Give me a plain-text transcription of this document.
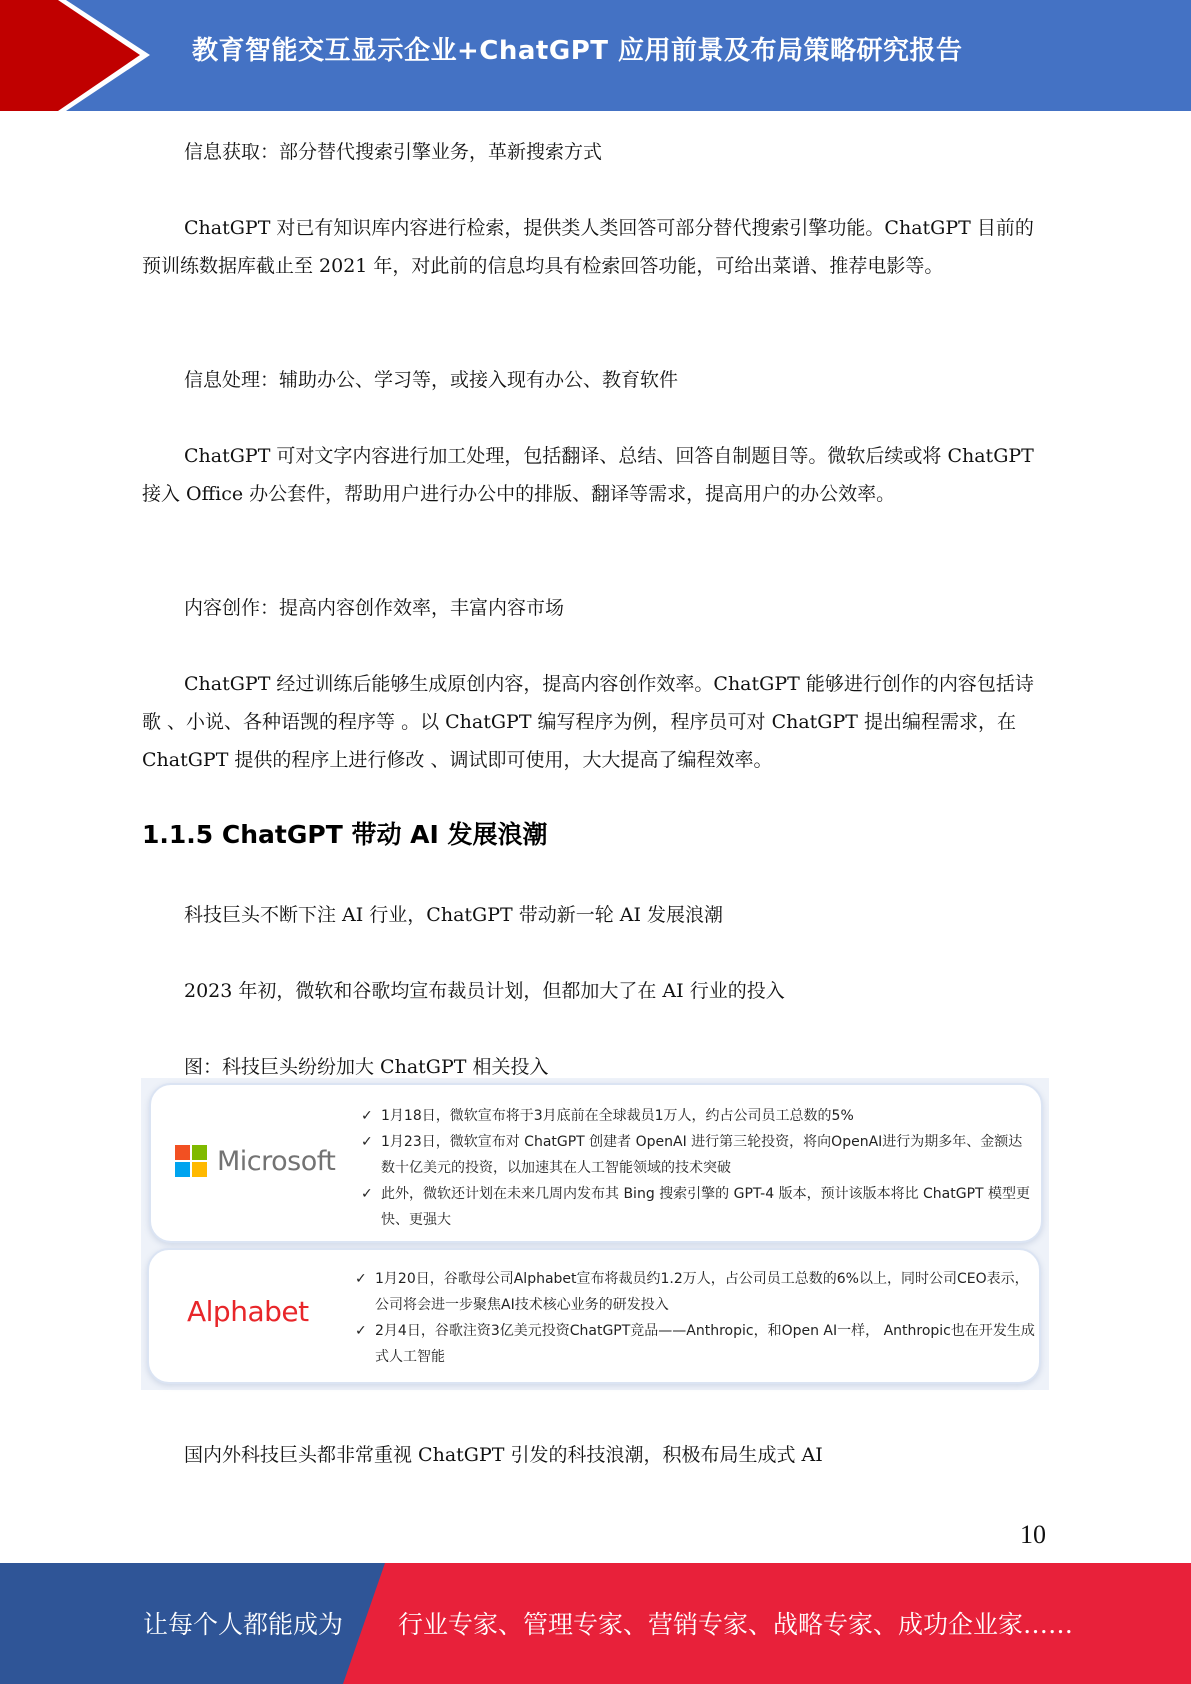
教育智能交互显示企业+ChatGPT 应用前景及布局策略研究报告
信息获取：部分替代搜索引擎业务，革新搜索方式
ChatGPT 对已有知识库内容进行检索，提供类人类回答可部分替代搜索引擎功能。ChatGPT 目前的预训练数据库截止至 2021 年，对此前的信息均具有检索回答功能，可给出菜谱、推荐电影等。
信息处理：辅助办公、学习等，或接入现有办公、教育软件
ChatGPT 可对文字内容进行加工处理，包括翻译、总结、回答自制题目等。微软后续或将 ChatGPT 接入 Office 办公套件，帮助用户进行办公中的排版、翻译等需求，提高用户的办公效率。
内容创作：提高内容创作效率，丰富内容市场
ChatGPT 经过训练后能够生成原创内容，提高内容创作效率。ChatGPT 能够进行创作的内容包括诗歌 、小说、各种语觊的程序等 。以 ChatGPT 编写程序为例，程序员可对 ChatGPT 提出编程需求，在 ChatGPT 提供的程序上进行修改 、调试即可使用，大大提高了编程效率。
1.1.5 ChatGPT 带动 AI 发展浪潮
科技巨头不断下注 AI 行业，ChatGPT 带动新一轮 AI 发展浪潮
2023 年初，微软和谷歌均宣布裁员计划，但都加大了在 AI 行业的投入
图：科技巨头纷纷加大 ChatGPT 相关投入
Microsoft
✓ 1月18日，微软宣布将于3月底前在全球裁员1万人，约占公司员工总数的5%
✓ 1月23日，微软宣布对 ChatGPT 创建者 OpenAI 进行第三轮投资，将向OpenAI进行为期多年、金额达数十亿美元的投资，以加速其在人工智能领域的技术突破
✓ 此外，微软还计划在未来几周内发布其 Bing 搜索引擎的 GPT-4 版本，预计该版本将比 ChatGPT 模型更快、更强大
Alphabet
✓ 1月20日，谷歌母公司Alphabet宣布将裁员约1.2万人，占公司员工总数的6%以上，同时公司CEO表示，公司将会进一步聚焦AI技术核心业务的研发投入
✓ 2月4日，谷歌注资3亿美元投资ChatGPT竞品——Anthropic，和Open AI一样， Anthropic也在开发生成式人工智能
国内外科技巨头都非常重视 ChatGPT 引发的科技浪潮，积极布局生成式 AI
10
让每个人都能成为 行业专家、管理专家、营销专家、战略专家、成功企业家……
